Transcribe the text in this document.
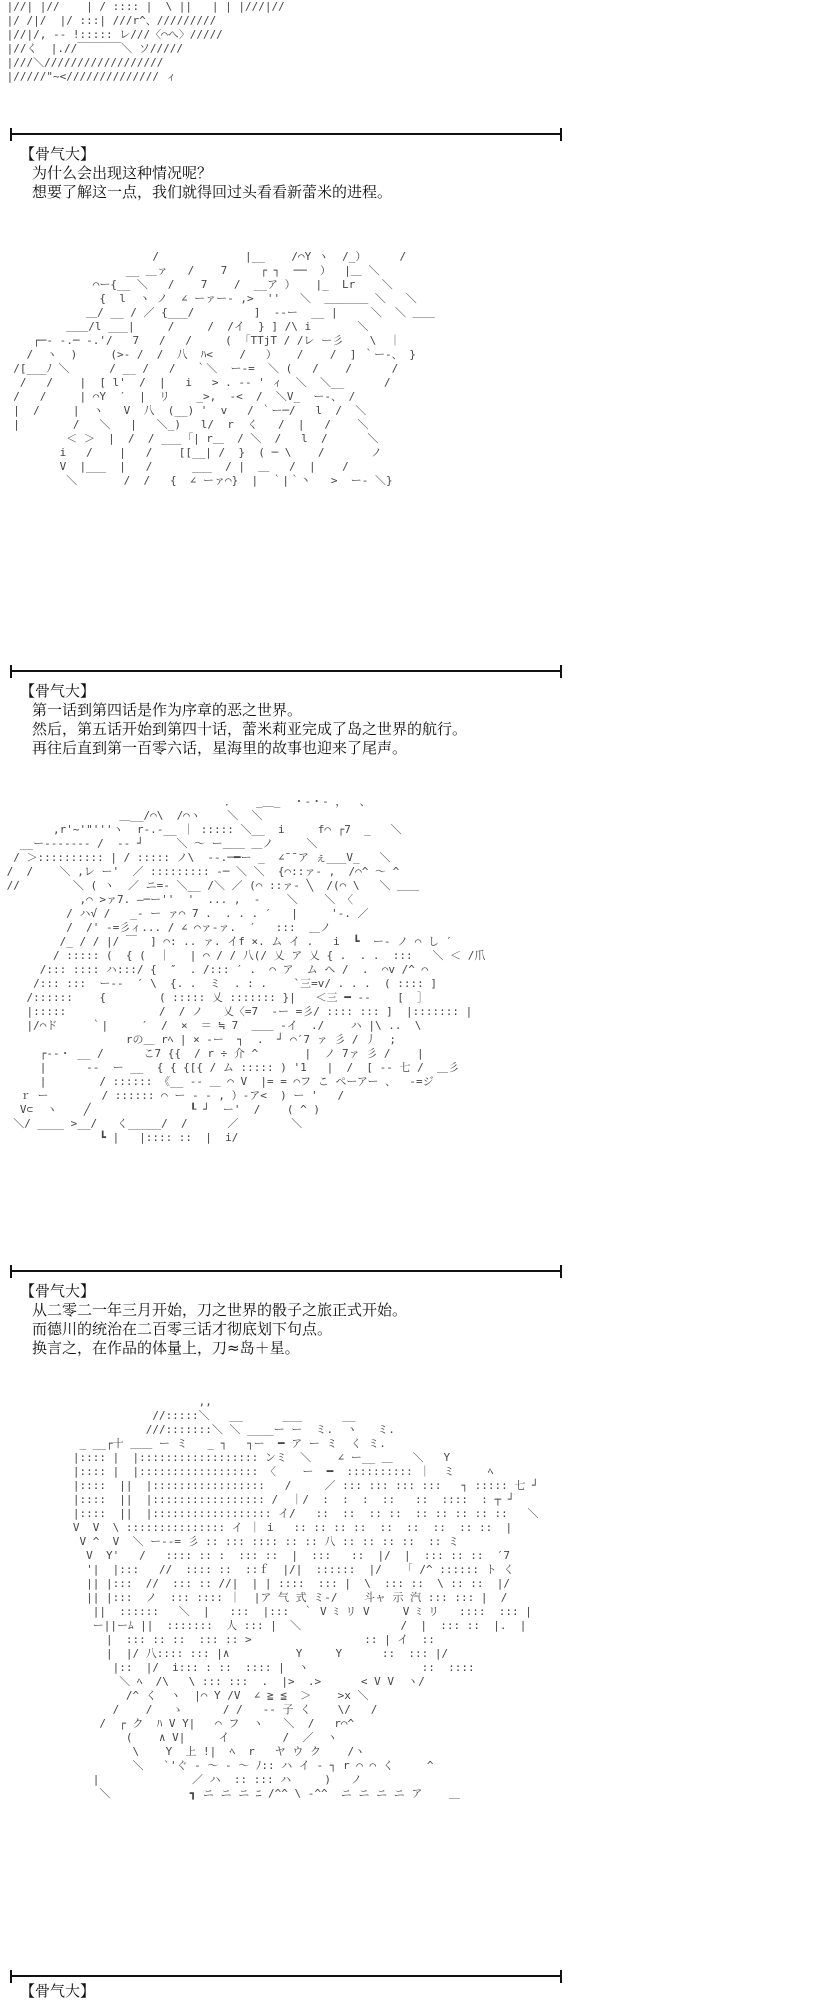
|//| |//    | / :::: |  \ ||   | | |///|//
|/ /|/  |/ :::| ///r^、/////////
|//|/, ‐‐ !::::: レ///〈⌒へ〉/////
|//く  |.//￣￣￣￣＼ ソ/////
|///＼//////////////////
|/////"~<////////////// ィ
【骨气大】
为什么会出现这种情况呢？
想要了解这一点，我们就得回过头看看新蕾米的进程。
/             |__    /⌒Y ヽ  /_）     /
__ ＿ァ   /    7     ┌ ┐  ──  ）  |＿ ＼
⌒ー{__ ＼   /    7    /  __ア ）   |_  Lr    ＼
{  l  ヽ ノ  ∠ ーァー‐ ,>  ''   ＼  ＿＿＿＿ ＼   ＼
＿/ __ / ／ {___/         ]  -‐ー  __ |     ＼  ＼ ＿＿
＿＿/l ___|     /     /  /イ  } ] /\ i       ＼
┌─‐ ‐.─ -.'/   7   /   /     (  ｢TTjT / /レ ー彡    \  ｜
/  ヽ  )     (>- /  /  八  ﾊ<    /   ）   /    /  ] ｀ー-、 }
/[___ﾉ ＼      / __ /   /   ｀＼  ー-=  ＼ (   /    /      /
/   /    |  [ l'  /  |   i   > . -- ' ィ  ＼  ＼__      /
/   /     | ⌒Y  ′  |  リ    _>,  -<  /  ＼V_  ー-、 /
|  /     |  ヽ   V  八  (__) '  v   / ｀ー─/   l  /  ＼
|        /   ＼   |   ＼_)   l/  r  く   /  |   /    ＼
＜ ＞  |  /  / ___ ｢| r＿  / ＼  /   l  /      ＼
i   /    |   /    [[__| /  }  ( ─ \    /       ノ
V  |___  |   /      ___  / |  ＿   /  |    /
＼       /  /   {  ∠ ーァ⌒}  |  ｀|｀丶   >  ー‐ ＼}
【骨气大】
第一话到第四话是作为序章的恶之世界。
然后，第五话开始到第四十话，蕾米莉亚完成了岛之世界的航行。
再往后直到第一百零六话，星海里的故事也迎来了尾声。
．   _＿_  ・‐・- ，  、
＿__/⌒\  /⌒ヽ    ＼  ＼
,r'~'"'''ヽ  r‐.-__ ｜ ::::: ＼__  i     f⌒ ┌7  _   ＼
__ー‐‐----- /  -‐ ┘     ＼ ～ ー＿＿ ＿ノ     ＼
/ ＞:::::::::: | / ::::: ノ\  ‐-.─━ー _  ∠¯¯ア ぇ___V_   ＼
/  /    ＼ ,レ ー'  ／ ::::::::: -─ ＼ ＼  {⌒::ァ- ,  /⌒^ 〜 ^
//        ＼ ( ヽ  ／ ニ=- ＼__ /＼ ／ (⌒ ::ァ- ╲  /(⌒ \   ＼ ＿＿
,⌒ >ァ7. ―─ー''  '  ... ,  -    ＼    ＼ 〈
/ ハ√ /   _‐ ー ァ⌒ 7 .  . . . ′   |     '-. ／
/  /' ‐=彡ィ... / ∠ ⌒ァ-ァ.  ′   :::  ＿ノ
/_ / / |/ ￣  ] ⌒: .. ァ. イf ×. ム イ .   i  ┗  ー‐ ノ ⌒ し ′
/ ::::: (  { (  ｜   | ⌒ / / 八(/ 乂 ア 乂 { .  . .  :::   ＼ ＜ /爪
/::: :::: ハ:::/ {  ″  . /::: ′ .  ⌒ ア  ム ヘ /  .  ⌒v /^ ⌒
/::: :::  ー‐‐  ′ \  {. .  ミ  . : .    `三=v/ . . .  ( :::: ]
/::::::    {        ( ::::: 乂 ::::::: }|   ＜三 ━ ‐‐    [  ］
|:::::              /  / ノ   乂〈=7  ‐ー =彡/ :::: ::: ]  |::::::: |
|/⌒ド     ｀|     ′  /  ×  ＝ ≒ 7  ＿＿ -イ  ./    ハ |\ ..  \
rの＿ rﾍ | × ‐ー  ┐  .  ┘ ⌒′7 ァ 彡 / 丿  ;
┌‐‐・ __ /      こ7 {{  / r ÷ 介 ^       |  ノ 7ァ 彡 /    |
|      ‐‐  ー __  { { {[{ / ム ::::: ) '1   |  /  [ ‐‐ 七 /  ＿彡
|        / :::::: 《__ ‐‐ ＿ ⌒ V  |= = ⌒フ こ ペーアー 、  ‐=ジ
ｒ ー        / :::::: ⌒ ー ‐ - , ）-ア<  ) ー '   /
V⊂  ヽ    ╱               ┖ ┘  ー'  /    ( ^ )
＼/ ____ >__/   く_____/  /      ／        ＼
┗ |   |:::: ::  |  i/
【骨气大】
从二零二一年三月开始，刀之世界的骰子之旅正式开始。
而德川的统治在二百零三话才彻底划下句点。
换言之，在作品的体量上，刀≈岛＋星。
,,
//:::::＼   __      ___      __
///:::::::＼ ＼ ____ー ー  ミ.  ヽ   ミ.
_ __┌十 ＿＿ ー ミ   _ ┐   ┐ー  ━ ア ー ミ  く ミ.
|:::: |  |:::::::::::::::::: ンミ  ＼    ∠ ー__ ＿   ＼   Y
|:::: |  |:::::::::::::::::: 〈    ー  ━  :::::::::: ｜  ミ     ﾍ
|::::  ||  |:::::::::::::::::   /     ／ ::: ::: ::: :::   ┐ ::::: 七 ┘
|::::  ||  |::::::::::::::::: /  ｜/  :  :  :  ::   ::  ::::  : ┬ ┘
|::::  ||  |:::::::::::::::::: イ/   ::  ::  :: ::  :: :: :: :: ::   ＼
V  V  \ ::::::::::::::: イ ｜ i   :: :: :: ::  ::  ::  ::  :: ::  |
V ^  V  ＼ ー‐‐= 彡 :: ::: :::: :: :: 八 :: :: :: ::  :: ミ
V  Y'   /   :::: :: :  ::: ::  |  :::   ::  |/  |  ::: :: ::  ′7
'|  |:::   //  :::: ::  ::ｆ  |/|  ::::::  |/   「 /^ :::::: ト く
|| |:::  //  ::: :: //|  | | ::::  ::: |  \  ::: ::  \ :: ::  |/
|| |:::  ノ  ::: :::: ｜  |ア 气 式 ミ‐/    斗ャ 示 汽 ::: ::: |  /
||  ::::::   ＼  |   :::  |:::  ｀ V ﾐ リ V     V ﾐ リ   ::::  ::: |
ー||ーﾑ ||  :::::::  人 ::: |  ＼               /  |  ::: ::  |.  |
|  ::: :: ::  ::: :: >                 :: | イ  ::
|  |/ 八:::: ::: |∧          Y     Y      ::  ::: |/
|::  |/  i::: : ::  :::: |  ヽ                 ::  ::::
＼ ﾍ  /\   \ ::: :::  .  |>  .>      < V V  ヽ/
/^ く  ヽ  |⌒ Y /V  ∠ ≧ ≦  ＞    >x ＼
/    /   ゝ      / /   ‐‐ 子 く    \/   /
/  ┌ ク  ﾊ V Y|   ⌒ フ  ヽ   ＼  /   r⌒^
(    ∧ V|     イ        /  ／  ヽ
\    Y  上 !|  ﾍ  r   ヤ ウ ク    /ヽ
＼   `'ぐ ‐ 〜 ‐ 〜 ﾉ:: ハ イ ‐ ┐ r ⌒ ⌒ く     ^
|              ／ ハ  :: ::: ハ     )   ノ
＼            ┓ ニ ニ ニ ﾆ /^^ \ ‐^^  ニ ニ ニ ニ ア    ＿
【骨气大】
